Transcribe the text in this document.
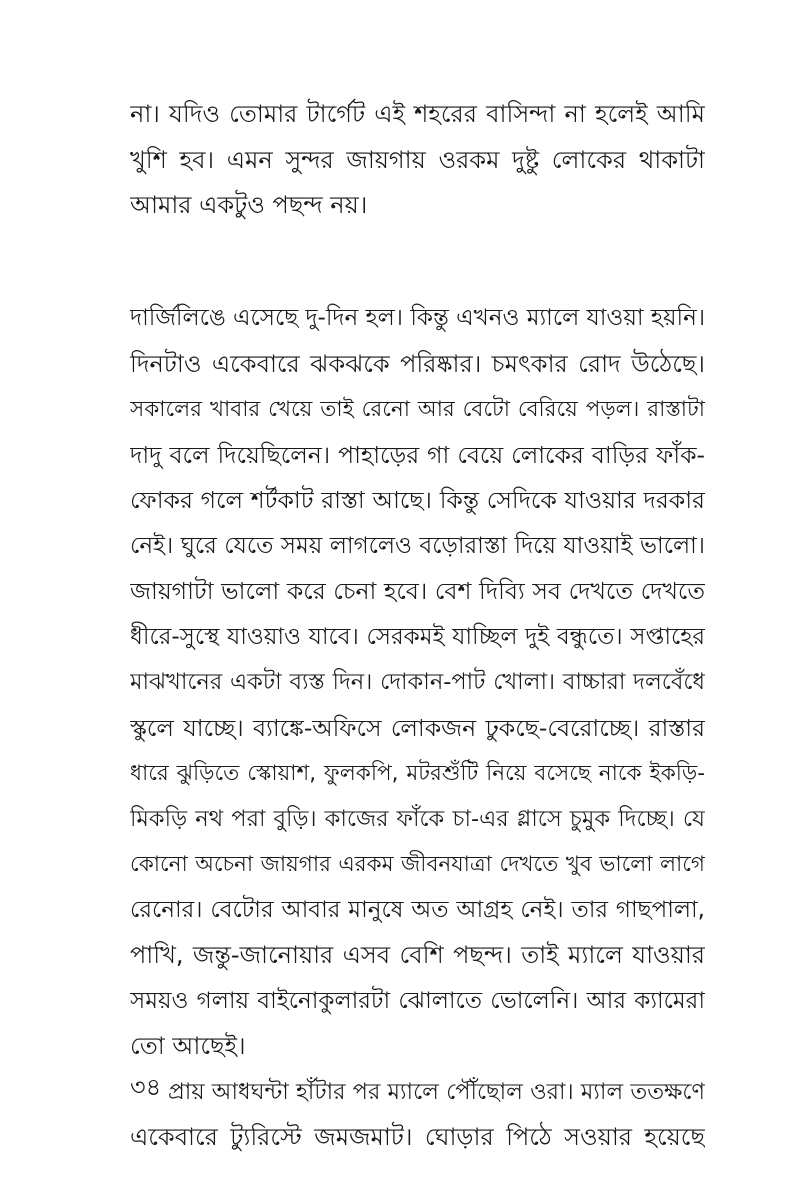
না। যদিও তোমার টার্গেট এই শহরের বাসিন্দা না হলেই আমি
খুশি হব। এমন সুন্দর জায়গায় ওরকম দুষ্টু লোকের থাকাটা
আমার একটুও পছন্দ নয়।
দার্জিলিঙে এসেছে দু-দিন হল। কিন্তু এখনও ম্যালে যাওয়া হয়নি।
দিনটাও একেবারে ঝকঝকে পরিষ্কার। চমৎকার রোদ উঠেছে।
সকালের খাবার খেয়ে তাই রেনো আর বেটো বেরিয়ে পড়ল। রাস্তাটা
দাদু বলে দিয়েছিলেন। পাহাড়ের গা বেয়ে লোকের বাড়ির ফাঁক-
ফোকর গলে শর্টকাট রাস্তা আছে। কিন্তু সেদিকে যাওয়ার দরকার
নেই। ঘুরে যেতে সময় লাগলেও বড়োরাস্তা দিয়ে যাওয়াই ভালো।
জায়গাটা ভালো করে চেনা হবে। বেশ দিব্যি সব দেখতে দেখতে
ধীরে-সুস্থে যাওয়াও যাবে। সেরকমই যাচ্ছিল দুই বন্ধুতে। সপ্তাহের
মাঝখানের একটা ব্যস্ত দিন। দোকান-পাট খোলা। বাচ্চারা দলবেঁধে
স্কুলে যাচ্ছে। ব্যাঙ্কে-অফিসে লোকজন ঢুকছে-বেরোচ্ছে। রাস্তার
ধারে ঝুড়িতে স্কোয়াশ, ফুলকপি, মটরশুঁটি নিয়ে বসেছে নাকে ইকড়ি-
মিকড়ি নথ পরা বুড়ি। কাজের ফাঁকে চা-এর গ্লাসে চুমুক দিচ্ছে। যে
কোনো অচেনা জায়গার এরকম জীবনযাত্রা দেখতে খুব ভালো লাগে
রেনোর। বেটোর আবার মানুষে অত আগ্রহ নেই। তার গাছপালা,
পাখি, জন্তু-জানোয়ার এসব বেশি পছন্দ। তাই ম্যালে যাওয়ার
সময়ও গলায় বাইনোকুলারটা ঝোলাতে ভোলেনি। আর ক্যামেরা
তো আছেই।
প্রায় আধঘন্টা হাঁটার পর ম্যালে পৌঁছোল ওরা। ম্যাল ততক্ষণে
একেবারে ট্যুরিস্টে জমজমাট। ঘোড়ার পিঠে সওয়ার হয়েছে
৩৪
